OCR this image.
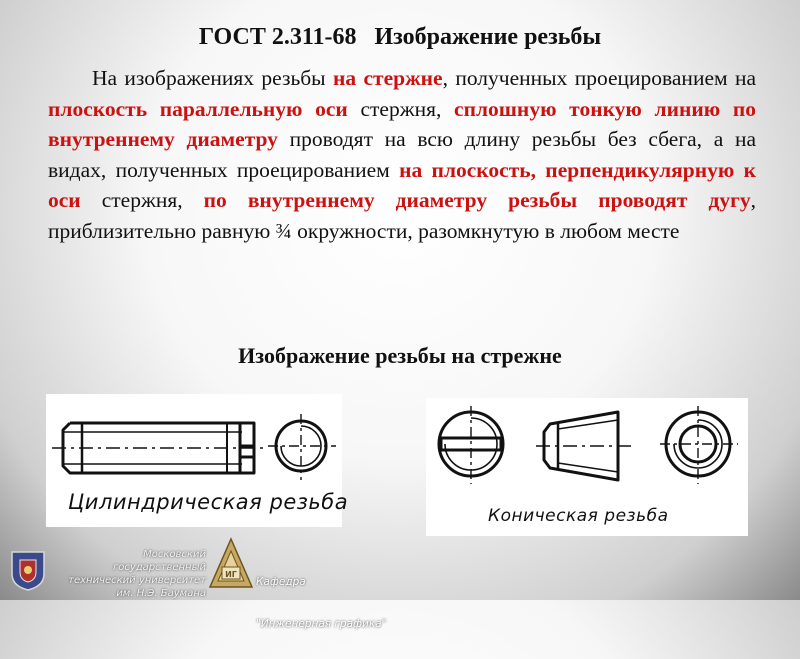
ГОСТ 2.311-68   Изображение резьбы
На изображениях резьбы на стержне, полученных проецированием на плоскость параллельную оси стержня, сплошную тонкую линию по внутреннему диаметру проводят на всю длину резьбы без сбега, а на видах, полученных проецированием на плоскость, перпендикулярную к оси стержня, по внутреннему диаметру резьбы проводят дугу, приблизительно равную ¾ окружности, разомкнутую в любом месте
Изображение резьбы на стрежне
Цилиндрическая резьба
Коническая резьба
Московский государственный
технический университет
им. Н.Э. Баумана
ИГ

Кафедра

"Инженерная графика"
